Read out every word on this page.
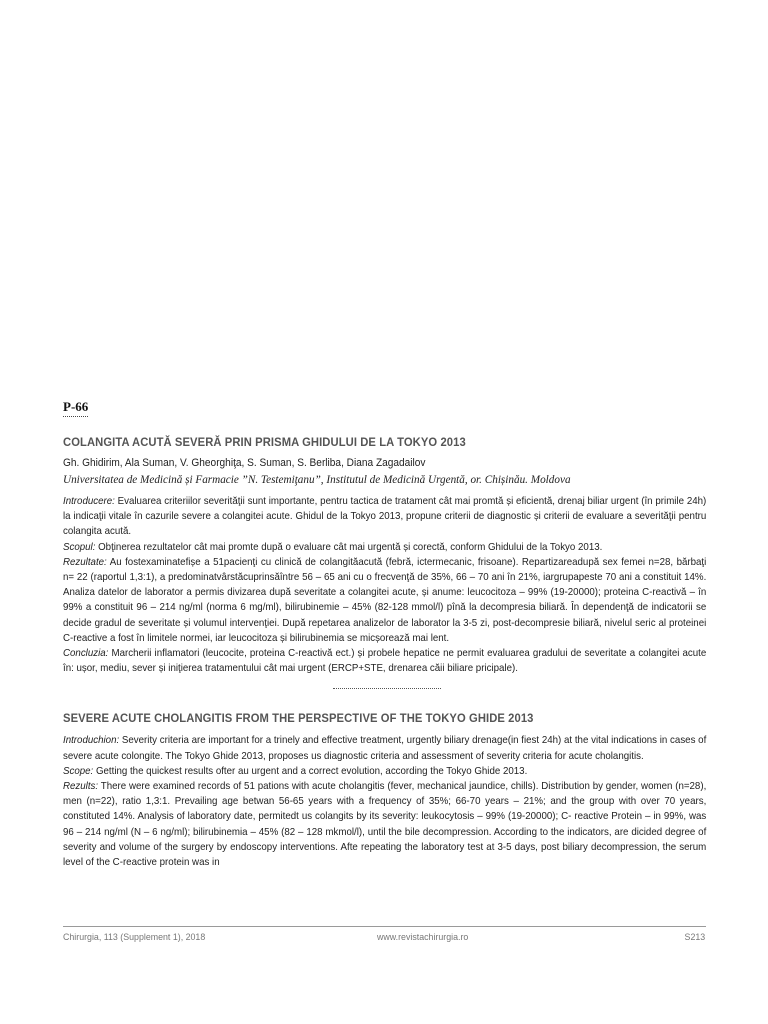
P-66
COLANGITA ACUTĂ SEVERĂ PRIN PRISMA GHIDULUI DE LA TOKYO 2013
Gh. Ghidirim, Ala Suman, V. Gheorghiţa, S. Suman, S. Berliba, Diana Zagadailov
Universitatea de Medicină și Farmacie ”N. Testemiţanu”, Institutul de Medicină Urgentă, or. Chișinău. Moldova

Introducere: Evaluarea criteriilor severităţii sunt importante, pentru tactica de tratament cât mai promtă și eficientă, drenaj biliar urgent (în primile 24h) la indicaţii vitale în cazurile severe a colangitei acute. Ghidul de la Tokyo 2013, propune criterii de diagnostic și criterii de evaluare a severităţii pentru colangita acută.

Scopul: Obţinerea rezultatelor cât mai promte după o evaluare cât mai urgentă și corectă, conform Ghidului de la Tokyo 2013.

Rezultate: Au fostexaminatefișe a 51pacienţi cu clinică de colangităacută (febră, ictermecanic, frisoane). Repartizareadupă sex femei n=28, bărbaţi n= 22 (raportul 1,3:1), a predominatvârstăcuprinsăîntre 56 – 65 ani cu o frecvenţă de 35%, 66 – 70 ani în 21%, iargrupapeste 70 ani a constituit 14%. Analiza datelor de laborator a permis divizarea după severitate a colangitei acute, și anume: leucocitoza – 99% (19-20000); proteina C-reactivă – în 99% a constituit 96 – 214 ng/ml (norma 6 mg/ml), bilirubinemie – 45% (82-128 mmol/l) pînă la decompresia biliară. În dependenţă de indicatorii se decide gradul de severitate și volumul intervenţiei. După repetarea analizelor de laborator la 3-5 zi, post-decompresie biliară, nivelul seric al proteinei C-reactive a fost în limitele normei, iar leucocitoza și bilirubinemia se micșorează mai lent.

Concluzia: Marcherii inflamatori (leucocite, proteina C-reactivă ect.) și probele hepatice ne permit evaluarea gradului de severitate a colangitei acute în: ușor, mediu, sever și iniţierea tratamentului cât mai urgent (ERCP+STE, drenarea căii biliare pricipale).

SEVERE ACUTE CHOLANGITIS FROM THE PERSPECTIVE OF THE TOKYO GHIDE 2013

Introduchion: Severity criteria are important for a trinely and effective treatment, urgently biliary drenage(in fiest 24h) at the vital indications in cases of severe acute colongite. The Tokyo Ghide 2013, proposes us diagnostic criteria and assessment of severity criteria for acute cholangitis.

Scope: Getting the quickest results ofter au urgent and a correct evolution, according the Tokyo Ghide 2013.

Rezults: There were examined records of 51 pations with acute cholangitis (fever, mechanical jaundice, chills). Distribution by gender, women (n=28), men (n=22), ratio 1,3:1. Prevailing age betwan 56-65 years with a frequency of 35%; 66-70 years – 21%; and the group with over 70 years, constituted 14%. Analysis of laboratory date, permitedt us colangits by its severity: leukocytosis – 99% (19-20000); C- reactive Protein – in 99%, was 96 – 214 ng/ml (N – 6 ng/ml); bilirubinemia – 45% (82 – 128 mkmol/l), until the bile decompression. According to the indicators, are dicided degree of severity and volume of the surgery by endoscopy interventions. Afte repeating the laboratory test at 3-5 days, post biliary decompression, the serum level of the C-reactive protein was in

Chirurgia, 113 (Supplement 1), 2018	www.revistachirurgia.ro	S213
